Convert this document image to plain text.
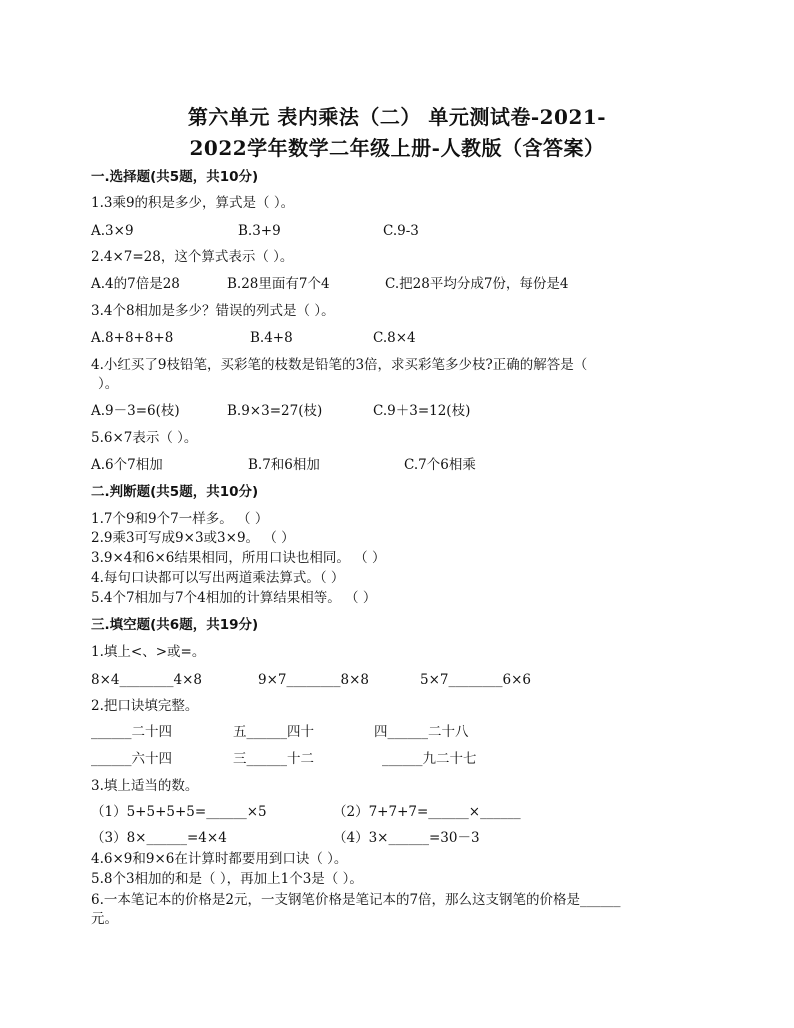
第六单元 表内乘法（二） 单元测试卷-2021-
2022学年数学二年级上册-人教版（含答案）
一.选择题(共5题，共10分)
1.3乘9的积是多少，算式是（ ）。
A.3×9	B.3+9	C.9-3
2.4×7=28，这个算式表示（ ）。
A.4的7倍是28	B.28里面有7个4	C.把28平均分成7份，每份是4
3.4个8相加是多少？错误的列式是（ ）。
A.8+8+8+8	B.4+8	C.8×4
4.小红买了9枝铅笔，买彩笔的枝数是铅笔的3倍，求买彩笔多少枝?正确的解答是（
）。
A.9－3=6(枝)	B.9×3=27(枝)	C.9＋3=12(枝)
5.6×7表示（ ）。
A.6个7相加	B.7和6相加	C.7个6相乘
二.判断题(共5题，共10分)
1.7个9和9个7一样多。 （ ）
2.9乘3可写成9×3或3×9。 （ ）
3.9×4和6×6结果相同，所用口诀也相同。 （ ）
4.每句口诀都可以写出两道乘法算式。（ ）
5.4个7相加与7个4相加的计算结果相等。 （ ）
三.填空题(共6题，共19分)
1.填上<、>或=。
8×4________4×8	9×7________8×8	5×7________6×6
2.把口诀填完整。
______二十四	五______四十	四______二十八
______六十四	三______十二	______九二十七
3.填上适当的数。
（1）5+5+5+5=______×5	（2）7+7+7=______×______
（3）8×______=4×4	（4）3×______=30－3
4.6×9和9×6在计算时都要用到口诀（ ）。
5.8个3相加的和是（ ），再加上1个3是（ ）。
6.一本笔记本的价格是2元，一支钢笔价格是笔记本的7倍，那么这支钢笔的价格是______
元。
